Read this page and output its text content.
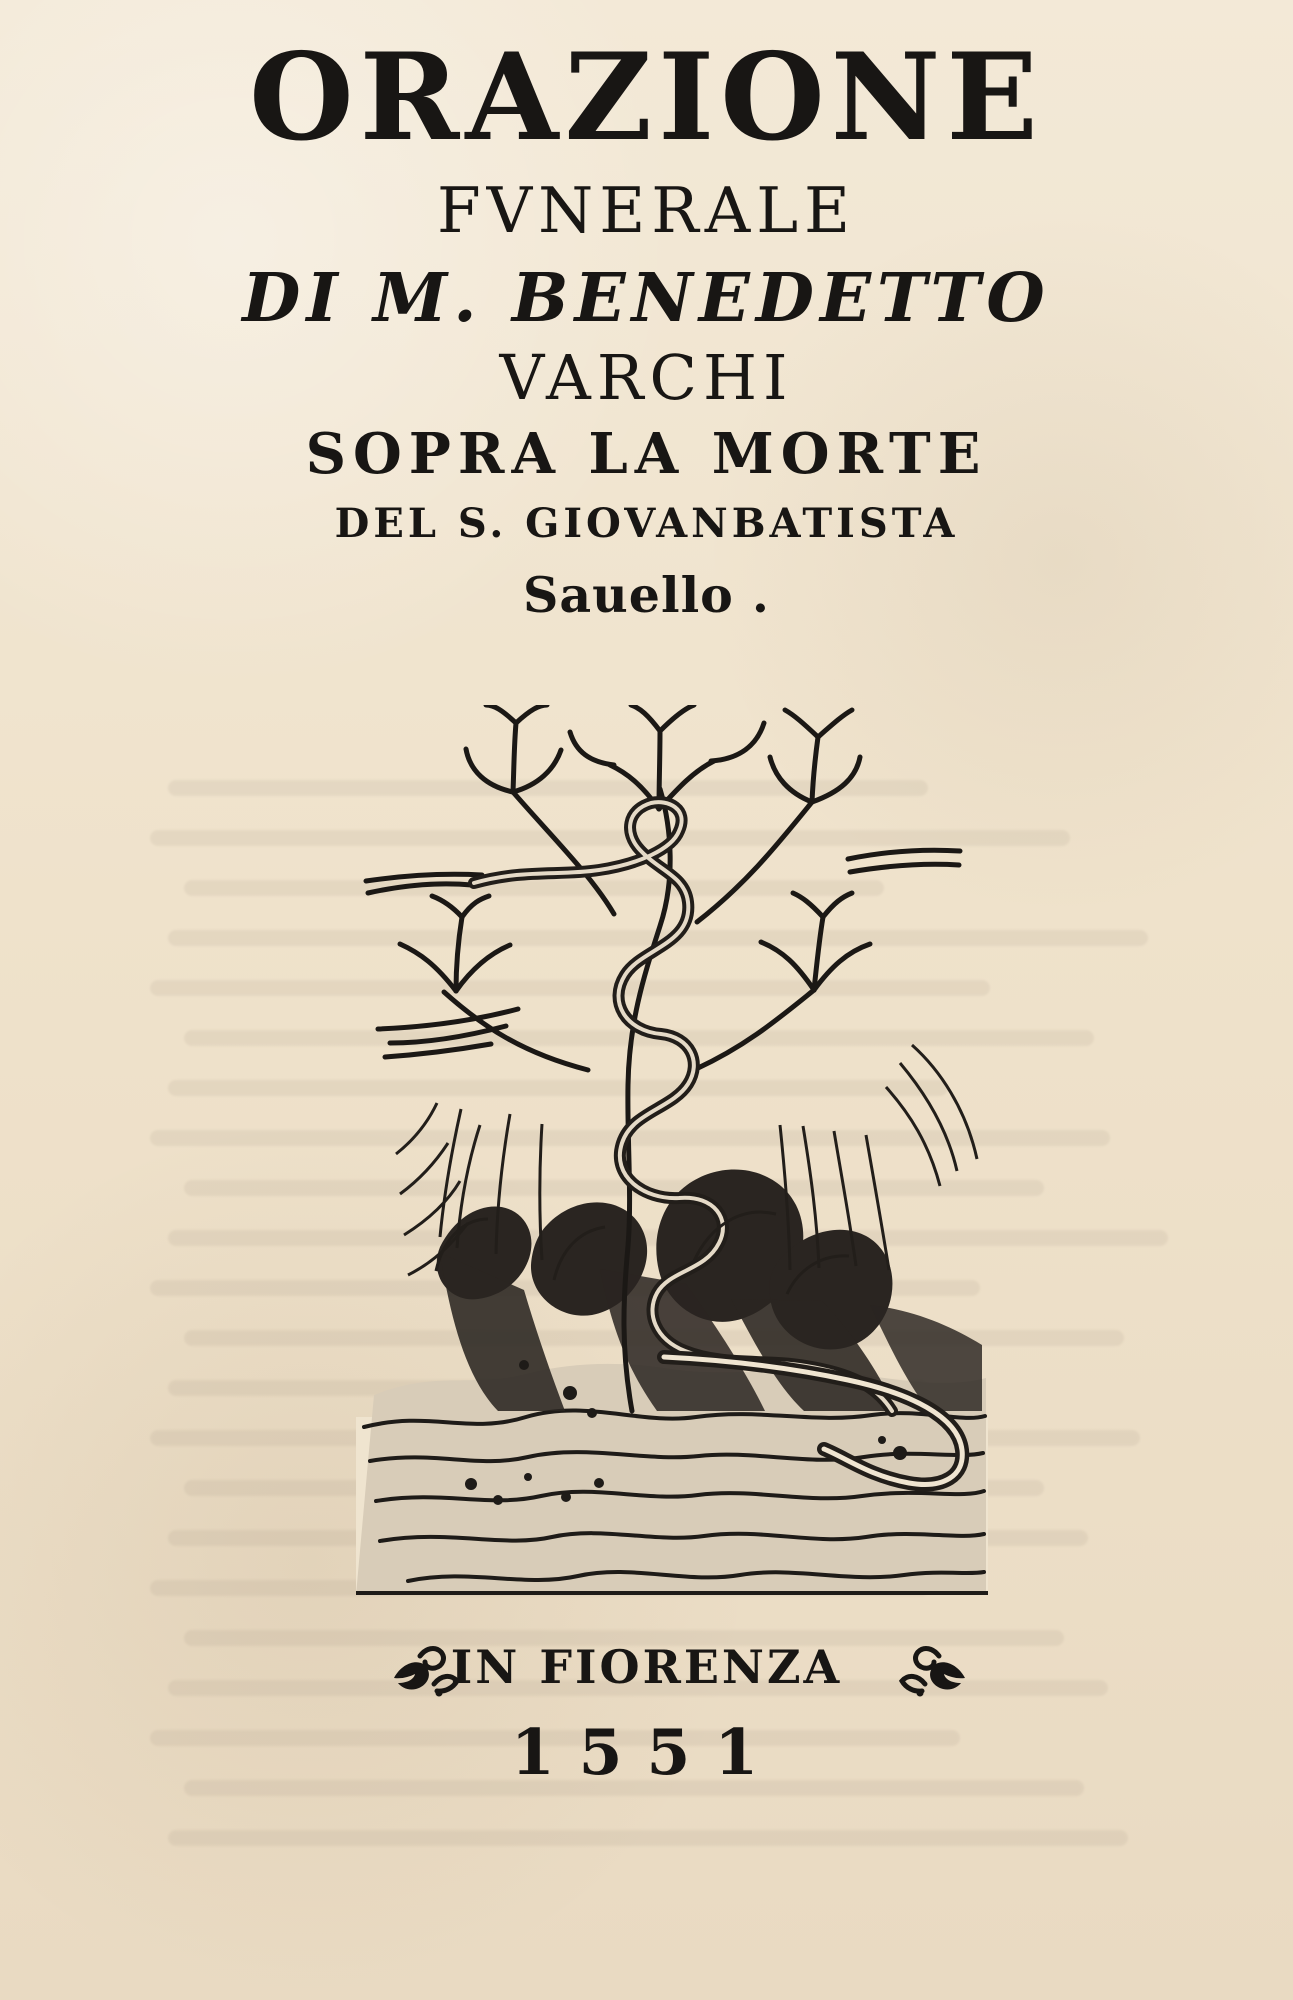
ORAZIONE
FVNERALE
DI M. BENEDETTO
VARCHI
SOPRA LA MORTE
DEL S. GIOVANBATISTA
Sauello .
IN FIORENZA
1551
